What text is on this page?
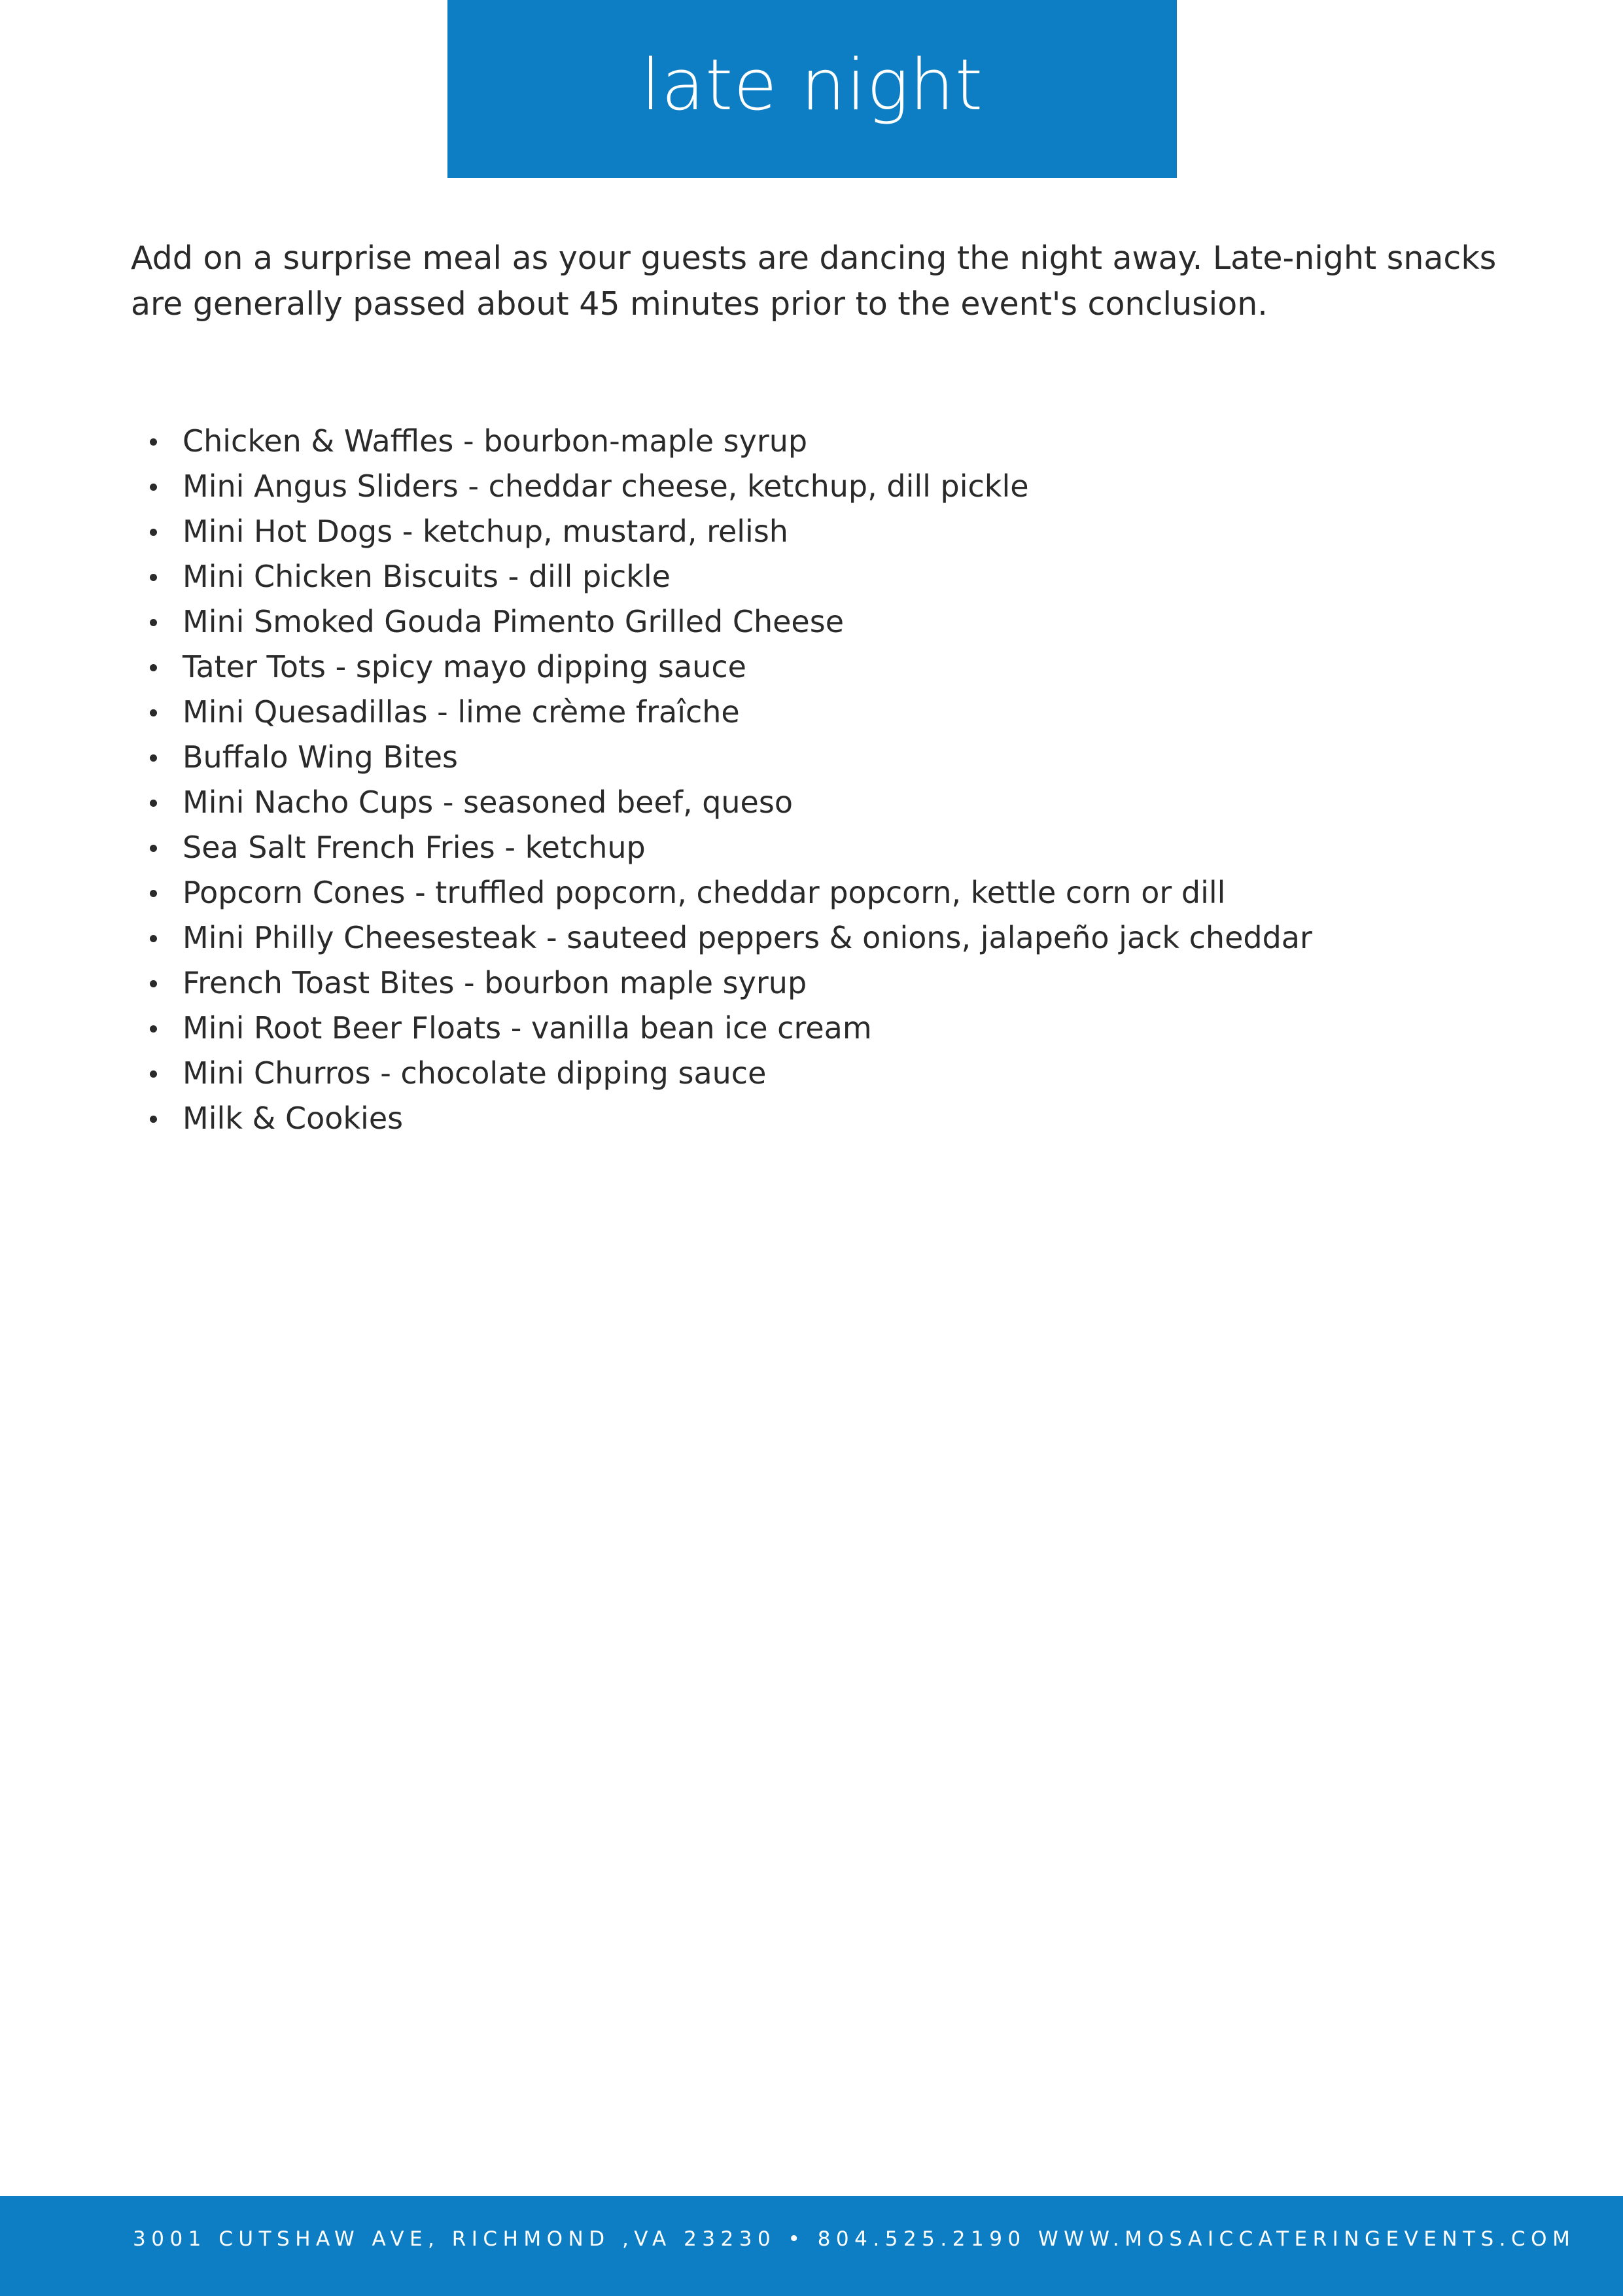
late night

Add on a surprise meal as your guests are dancing the night away. Late-night snacks are generally passed about 45 minutes prior to the event's conclusion.

Chicken & Waffles - bourbon-maple syrup
Mini Angus Sliders - cheddar cheese, ketchup, dill pickle
Mini Hot Dogs - ketchup, mustard, relish
Mini Chicken Biscuits - dill pickle
Mini Smoked Gouda Pimento Grilled Cheese
Tater Tots - spicy mayo dipping sauce
Mini Quesadillas - lime crème fraîche
Buffalo Wing Bites
Mini Nacho Cups - seasoned beef, queso
Sea Salt French Fries - ketchup
Popcorn Cones - truffled popcorn, cheddar popcorn, kettle corn or dill
Mini Philly Cheesesteak - sauteed peppers & onions, jalapeño jack cheddar
French Toast Bites - bourbon maple syrup
Mini Root Beer Floats - vanilla bean ice cream
Mini Churros - chocolate dipping sauce
Milk & Cookies
3001 CUTSHAW AVE, RICHMOND ,VA 23230 • 804.525.2190 WWW.MOSAICCATERINGEVENTS.COM
